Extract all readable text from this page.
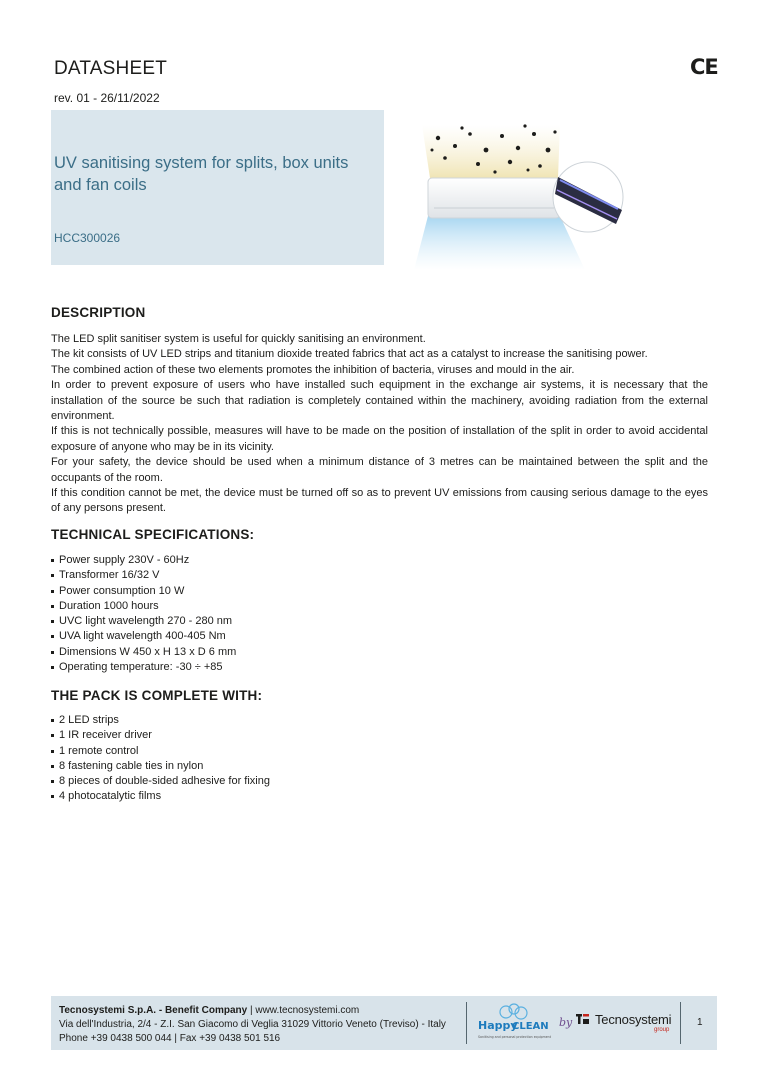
DATASHEET	CE
rev. 01 - 26/11/2022
UV sanitising system for splits, box units and fan coils
HCC300026
DESCRIPTION

The LED split sanitiser system is useful for quickly sanitising an environment.

The kit consists of UV LED strips and titanium dioxide treated fabrics that act as a catalyst to increase the sanitising power.

The combined action of these two elements promotes the inhibition of bacteria, viruses and mould in the air.

In order to prevent exposure of users who have installed such equipment in the exchange air systems, it is necessary that the installation of the source be such that radiation is completely contained within the machinery, avoiding radiation from the external environment.

If this is not technically possible, measures will have to be made on the position of installation of the split in order to avoid accidental exposure of anyone who may be in its vicinity.

For your safety, the device should be used when a minimum distance of 3 metres can be maintained between the split and the occupants of the room.

If this condition cannot be met, the device must be turned off so as to prevent UV emissions from causing serious damage to the eyes of any persons present.

TECHNICAL SPECIFICATIONS:
Power supply 230V - 60Hz
Transformer 16/32 V
Power consumption 10 W
Duration 1000 hours
UVC light wavelength 270 - 280 nm
UVA light wavelength 400-405 Nm
Dimensions W 450 x H 13 x D 6 mm
Operating temperature: -30 ÷ +85
THE PACK IS COMPLETE WITH:
2 LED strips
1 IR receiver driver
1 remote control
8 fastening cable ties in nylon
8 pieces of double-sided adhesive for fixing
4 photocatalytic films
Tecnosystemi S.p.A. - Benefit Company | www.tecnosystemi.com
Via dell'Industria, 2/4 - Z.I. San Giacomo di Veglia 31029 Vittorio Veneto (Treviso) - Italy
Phone +39 0438 500 044 | Fax +39 0438 501 516
Happy
CLEAN
Sanitising and personal protection equipment
by Tecnosystemi
group
1
